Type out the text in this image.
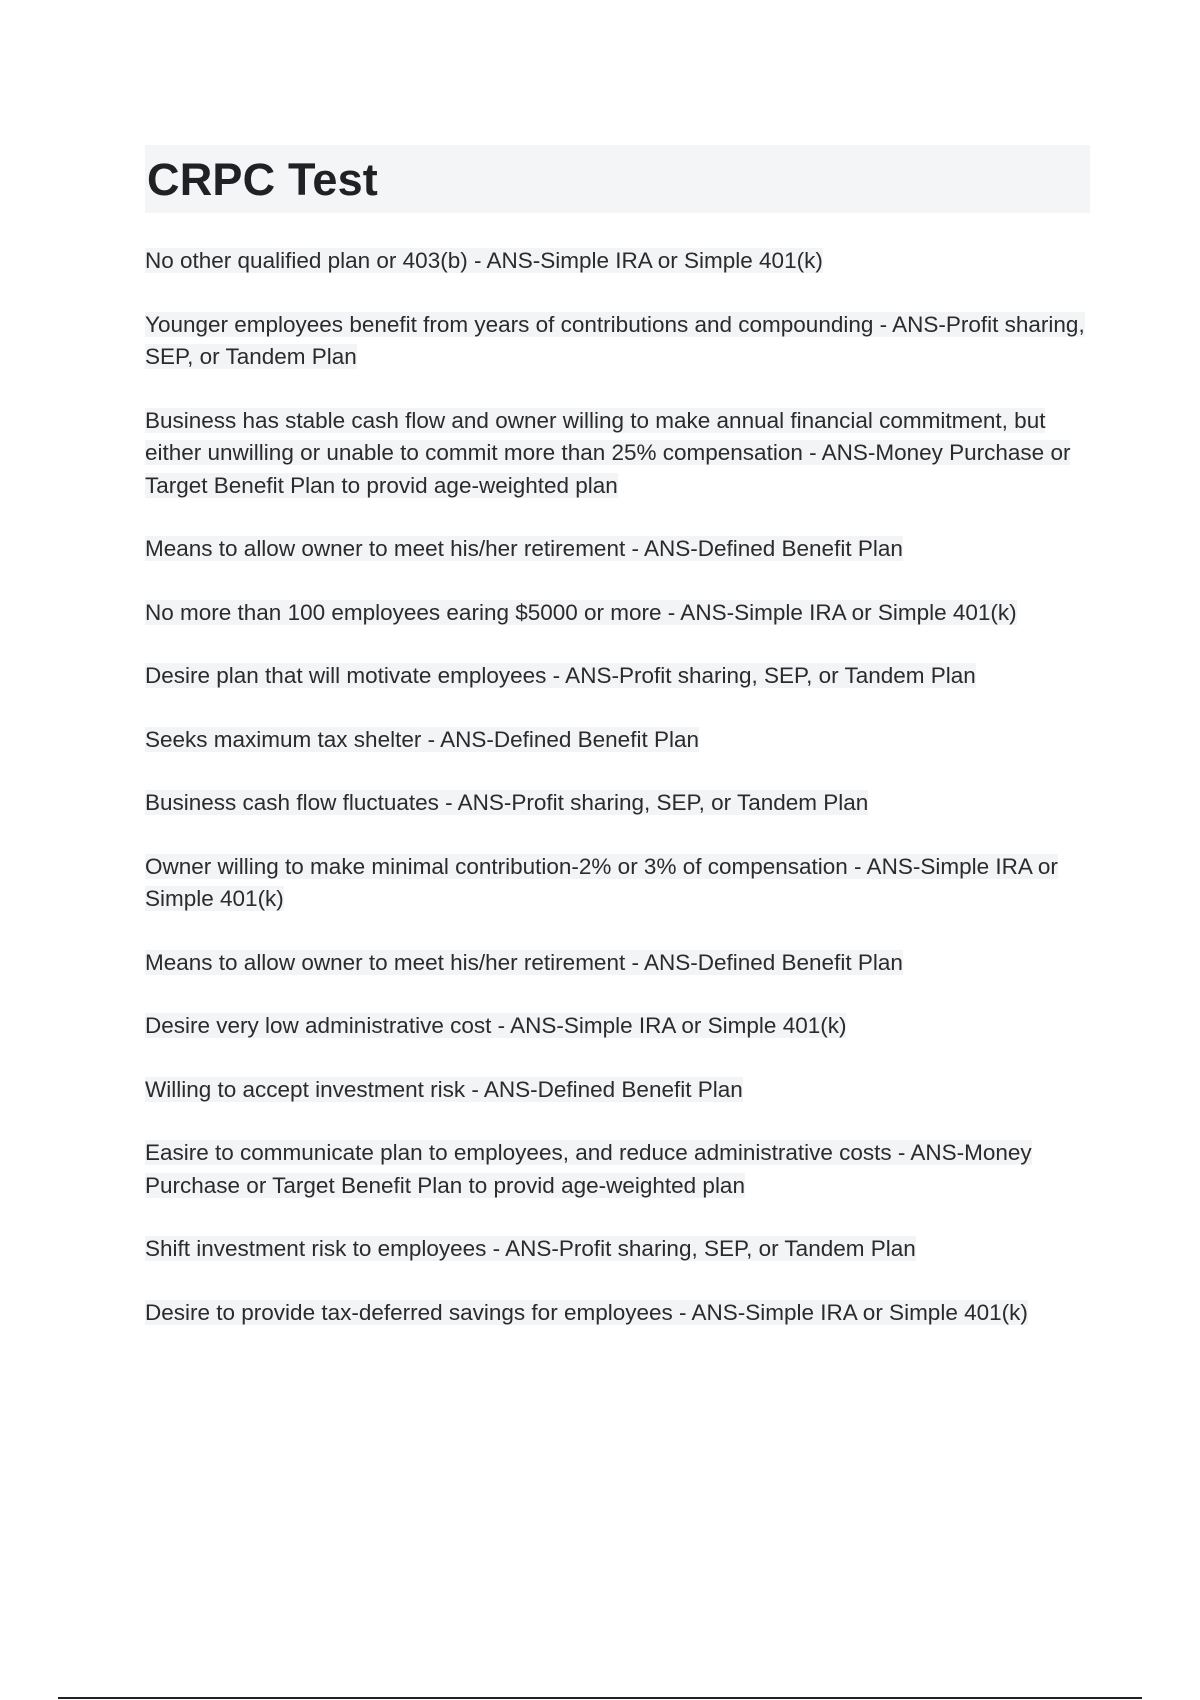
CRPC Test

No other qualified plan or 403(b) - ANS-Simple IRA or Simple 401(k)

Younger employees benefit from years of contributions and compounding - ANS-Profit sharing, SEP, or Tandem Plan

Business has stable cash flow and owner willing to make annual financial commitment, but either unwilling or unable to commit more than 25% compensation - ANS-Money Purchase or Target Benefit Plan to provid age-weighted plan

Means to allow owner to meet his/her retirement - ANS-Defined Benefit Plan

No more than 100 employees earing $5000 or more - ANS-Simple IRA or Simple 401(k)

Desire plan that will motivate employees - ANS-Profit sharing, SEP, or Tandem Plan

Seeks maximum tax shelter - ANS-Defined Benefit Plan

Business cash flow fluctuates - ANS-Profit sharing, SEP, or Tandem Plan

Owner willing to make minimal contribution-2% or 3% of compensation - ANS-Simple IRA or Simple 401(k)

Means to allow owner to meet his/her retirement - ANS-Defined Benefit Plan

Desire very low administrative cost - ANS-Simple IRA or Simple 401(k)

Willing to accept investment risk - ANS-Defined Benefit Plan

Easire to communicate plan to employees, and reduce administrative costs - ANS-Money Purchase or Target Benefit Plan to provid age-weighted plan

Shift investment risk to employees - ANS-Profit sharing, SEP, or Tandem Plan

Desire to provide tax-deferred savings for employees - ANS-Simple IRA or Simple 401(k)
